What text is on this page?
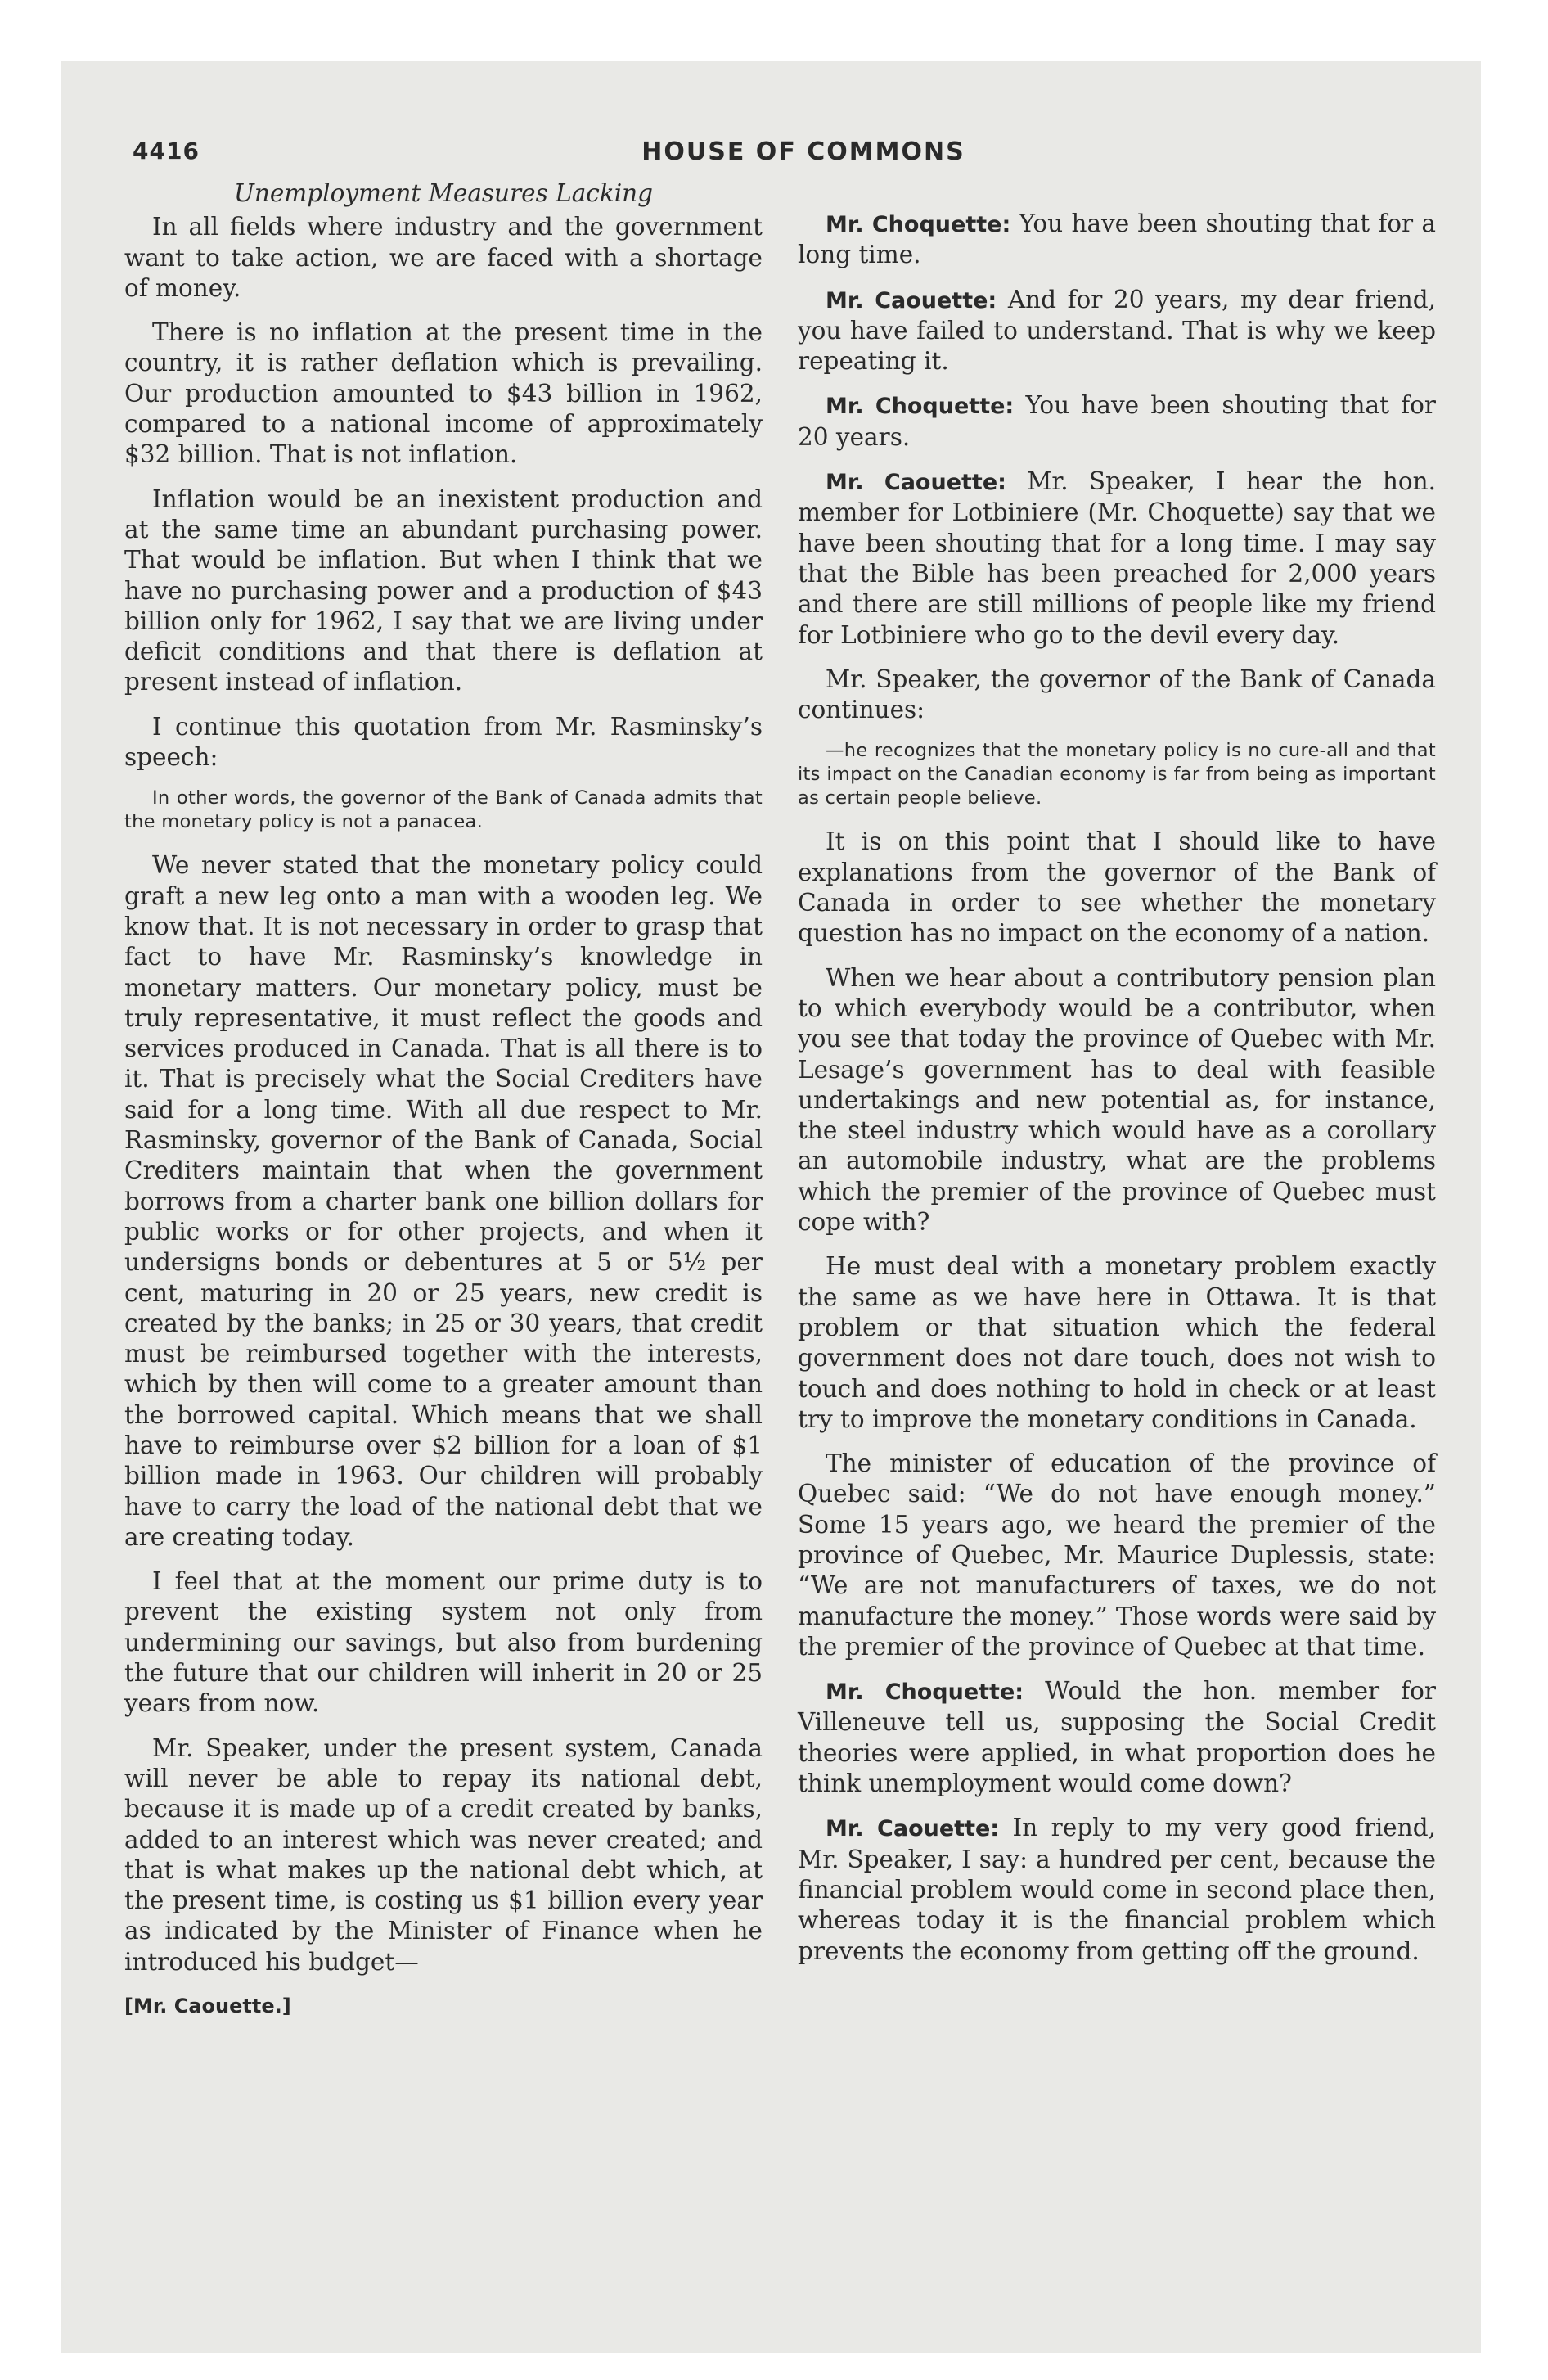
4416	HOUSE OF COMMONS
Unemployment Measures Lacking

In all fields where industry and the government want to take action, we are faced with a shortage of money.

There is no inflation at the present time in the country, it is rather deflation which is prevailing. Our production amounted to $43 billion in 1962, compared to a national income of approximately $32 billion. That is not inflation.

Inflation would be an inexistent production and at the same time an abundant purchasing power. That would be inflation. But when I think that we have no purchasing power and a production of $43 billion only for 1962, I say that we are living under deficit conditions and that there is deflation at present instead of inflation.

I continue this quotation from Mr. Rasminsky’s speech:

In other words, the governor of the Bank of Canada admits that the monetary policy is not a panacea.

We never stated that the monetary policy could graft a new leg onto a man with a wooden leg. We know that. It is not necessary in order to grasp that fact to have Mr. Rasminsky’s knowledge in monetary matters. Our monetary policy, must be truly representative, it must reflect the goods and services produced in Canada. That is all there is to it. That is precisely what the Social Crediters have said for a long time. With all due respect to Mr. Rasminsky, governor of the Bank of Canada, Social Crediters maintain that when the government borrows from a charter bank one billion dollars for public works or for other projects, and when it undersigns bonds or debentures at 5 or 5½ per cent, maturing in 20 or 25 years, new credit is created by the banks; in 25 or 30 years, that credit must be reimbursed together with the interests, which by then will come to a greater amount than the borrowed capital. Which means that we shall have to reimburse over $2 billion for a loan of $1 billion made in 1963. Our children will probably have to carry the load of the national debt that we are creating today.

I feel that at the moment our prime duty is to prevent the existing system not only from undermining our savings, but also from burdening the future that our children will inherit in 20 or 25 years from now.

Mr. Speaker, under the present system, Canada will never be able to repay its national debt, because it is made up of a credit created by banks, added to an interest which was never created; and that is what makes up the national debt which, at the present time, is costing us $1 billion every year as indicated by the Minister of Finance when he introduced his budget—

[Mr. Caouette.]

Mr. Choquette: You have been shouting that for a long time.

Mr. Caouette: And for 20 years, my dear friend, you have failed to understand. That is why we keep repeating it.

Mr. Choquette: You have been shouting that for 20 years.

Mr. Caouette: Mr. Speaker, I hear the hon. member for Lotbiniere (Mr. Choquette) say that we have been shouting that for a long time. I may say that the Bible has been preached for 2,000 years and there are still millions of people like my friend for Lotbiniere who go to the devil every day.

Mr. Speaker, the governor of the Bank of Canada continues:

—he recognizes that the monetary policy is no cure-all and that its impact on the Canadian economy is far from being as important as certain people believe.

It is on this point that I should like to have explanations from the governor of the Bank of Canada in order to see whether the monetary question has no impact on the economy of a nation.

When we hear about a contributory pension plan to which everybody would be a contributor, when you see that today the province of Quebec with Mr. Lesage’s government has to deal with feasible undertakings and new potential as, for instance, the steel industry which would have as a corollary an automobile industry, what are the problems which the premier of the province of Quebec must cope with?

He must deal with a monetary problem exactly the same as we have here in Ottawa. It is that problem or that situation which the federal government does not dare touch, does not wish to touch and does nothing to hold in check or at least try to improve the monetary conditions in Canada.

The minister of education of the province of Quebec said: “We do not have enough money.” Some 15 years ago, we heard the premier of the province of Quebec, Mr. Maurice Duplessis, state: “We are not manufacturers of taxes, we do not manufacture the money.” Those words were said by the premier of the province of Quebec at that time.

Mr. Choquette: Would the hon. member for Villeneuve tell us, supposing the Social Credit theories were applied, in what proportion does he think unemployment would come down?

Mr. Caouette: In reply to my very good friend, Mr. Speaker, I say: a hundred per cent, because the financial problem would come in second place then, whereas today it is the financial problem which prevents the economy from getting off the ground.
